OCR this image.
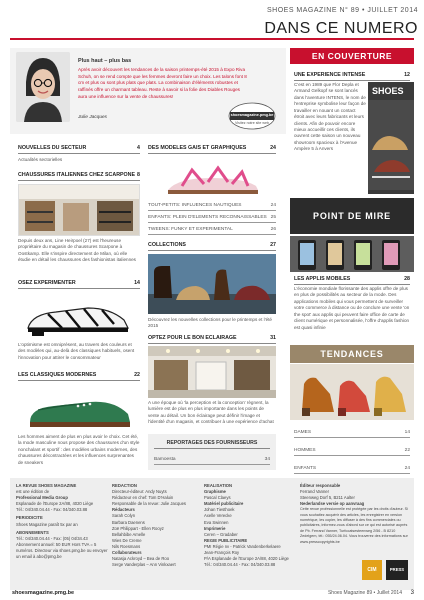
SHOES MAGAZINE N° 89 • JUILLET 2014
DANS CE NUMERO
Plus haut – plus bas
Après avoir découvert les tendances de la saison printemps-été 2015 à Expo Riva Schuh, on se rend compte que les femmes devront faire un choix. Les talons font 8 cm et plus ou sont plus plats que plats. La combinaison d'éléments robustes et raffinés offre un charmant tableau. Reste à savoir si la folie des Diables Rouges aura une influence sur la vente de chaussures!
Julie Jacques	shoesmagazine.pmg.be
Visitez notre site web
NOUVELLES DU SECTEUR	4
Actualités sectorielles
CHAUSSURES ITALIENNES CHEZ SCARPONE 8
Depuis deux ans, Line Heirpoel (27) est l'heureuse propriétaire du magasin de chaussures Scarpone à Oostkamp. Elle s'inspire directement de Milan, où elle étudie en détail les chaussures des fashionistas italiennes
OSEZ EXPERIMENTER	14
L'optimisme est omniprésent, au travers des couleurs et des modèles qui, au-delà des classiques habituels, osent l'innovation pour attirer le consommateur
LES CLASSIQUES MODERNES	22
Les hommes aiment de plus en plus avoir le choix. Cet été, la mode masculine nous propose des chaussures d'un style nonchalant et sportif : des modèles urbains modernes, des chaussures décontractées et les influences surprenantes de sneakers
DES MODELES GAIS ET GRAPHIQUES	24
TOUT-PETITS: INFLUENCES NAUTIQUES	24
ENFANTS: PLEIN D'ELEMENTS RECONNAISSABLES 25
TWEENS: FUNKY ET EXPERIMENTAL	26
COLLECTIONS	27
Découvrez les nouvelles collections pour le printemps et l'été 2015
OPTEZ POUR LE BON ECLAIRAGE	31
A une époque où 'la perception et la conception' règnent, la lumière est de plus en plus importante dans les points de vente au détail. Un bon éclairage peut définir l'image et l'identité d'un magasin, et contribuer à une expérience d'achat
REPORTAGES DES FOURNISSEURS
Bamoesta	34
EN COUVERTURE
UNE EXPERIENCE INTENSE	12
C'est en 1989 que Flor Depla et Armand Gelkopf se sont lancés dans l'aventure INTENS, le nom de l'entreprise symbolise leur façon de travailler en nouant un contact étroit avec leurs fabricants et leurs clients. Afin de pouvoir encore mieux accueillir ces clients, ils ouvrent cette saison un nouveau showroom spacieux à l'Avenue Ampère 5 à Anvers
SHOES
POINT DE MIRE
LES APPLIS MOBILES	28
L'économie mondiale florissante des applis offre de plus en plus de possibilités au secteur de la mode. Des applications mobiles qui vous permettent de surveiller votre commerce à distance ou de conclure une vente 'on the spot' aux applis qui peuvent faire office de carte de client numérique et personnalisée, l'offre d'applis fashion est quasi infinie
TENDANCES
DAMES	14
HOMMES	22
ENFANTS	24
LA REVUE SHOES MAGAZINE
est une édition de
Professional Media Group
Esplanade de l'Europe 2A/88, 4020 Liège
Tél.: 04/340.04.44 - Fax: 04/340.03.88
PERIODICITE
Shoes Magazine paraît 5x par an
ABONNEMENTS
Tél.: 04/340.04.44 - Fax: (05) 04/34.43
Abonnement annuel: 50 EUR Hors TVA = 5 numéros. Directeur via shoes.pmg.be ou envoyer un email à abo@pmg.be
REDACTION
Directeur-éditeur: Andy Nuyts
Rédacteur en chef: Tom D'Haluin
Responsable de la revue: Julie Jacques
Rédacteurs
Sarah Colyn
Barbara Daenens
Zoë Philippart - Ellen Rooyz
Bellahbibe Amelle
Wies De Creme
Nils Roesmans
Collaborateurs
Natasja Ackroyd – Bea de Roo
Serge Vanderplas – Ann Vinkxaert
REALISATION
Graphisme
Pascal Claeys
Matériel publicitaire
Johan Tiesthoek
Axelle Verecke
Eva Swinnen
Imprimerie
Ceren – Gradaber
REGIE PUBLICITAIRE
PMI Régie nv - Patrick Vandenberkelaere
Jean-François Roy
P/A Esplanade de l'Europe 2A/88, 4020 Liège
Tél.: 04/340.04.44 - Fax: 04/340.03.88
Éditeur responsable
Ferrand Vanner
Steenweg Dorf 5, B211 Aalter
Nederlandse versie op aanvraag
Cette revue professionnelle est protégée par les droits d'auteur. Si vous souhaitez acquérir des articles, les enregistrer en version numérique, les copier, les diffuser à des fins commerciales ou publicitaires, informez-vous d'abord sur ce qui est autorisé auprès de Pb. Ferrand Vanner, Turfcoatsesteenweg 2/56 - B 8210 Zedelgem, tél.: 055/24.06.04. Vous trouverez des informations sur www.presscopyrights.be
CIM	PRESS
shoesmagazine.pmg.be	Shoes Magazine 89 • Juillet 2014	3
